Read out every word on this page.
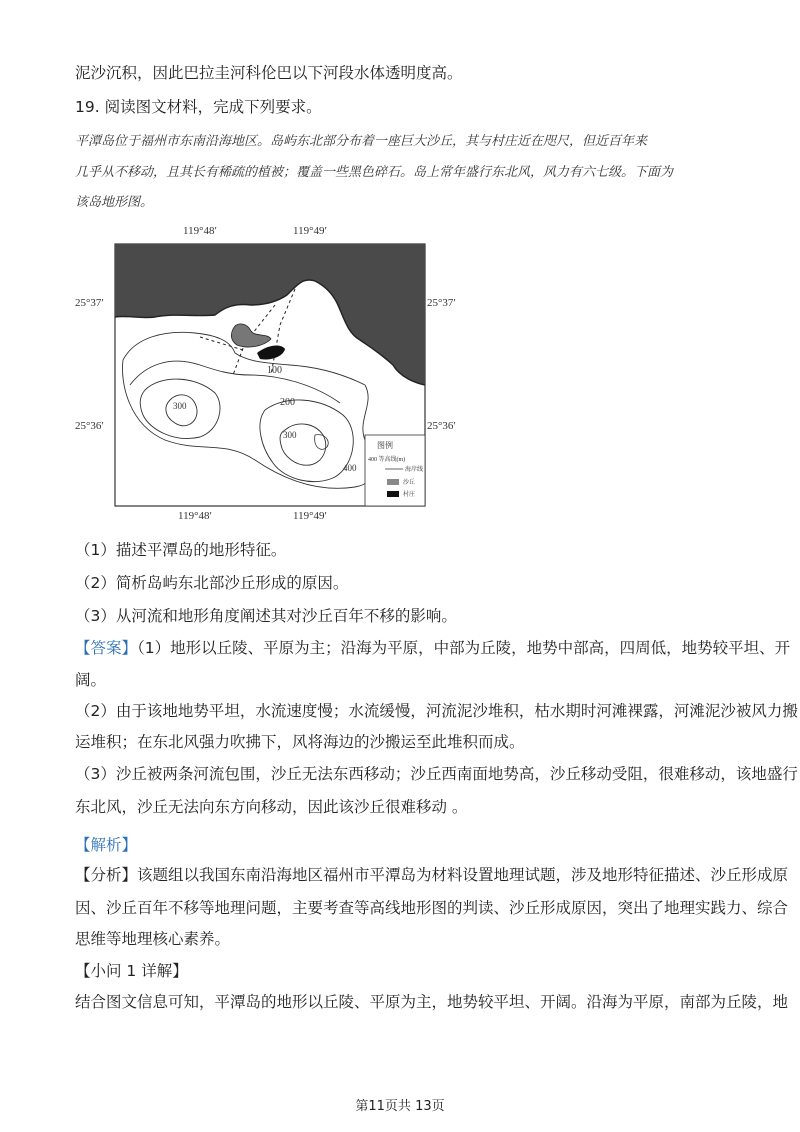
泥沙沉积，因此巴拉圭河科伦巴以下河段水体透明度高。
19. 阅读图文材料，完成下列要求。
平潭岛位于福州市东南沿海地区。岛屿东北部分布着一座巨大沙丘，其与村庄近在咫尺，但近百年来
几乎从不移动，且其长有稀疏的植被；覆盖一些黑色碎石。岛上常年盛行东北风，风力有六七级。下面为
该岛地形图。
119°48′	119°49′
25°37′	25°37′
25°36′	25°36′
119°48′	119°49′
100
200
300
300
400
图例
400 等高线(m)
海岸线
沙丘
村庄
（1）描述平潭岛的地形特征。
（2）简析岛屿东北部沙丘形成的原因。
（3）从河流和地形角度阐述其对沙丘百年不移的影响。
【答案】（1）地形以丘陵、平原为主；沿海为平原，中部为丘陵，地势中部高，四周低，地势较平坦、开
阔。
（2）由于该地地势平坦，水流速度慢；水流缓慢，河流泥沙堆积，枯水期时河滩裸露，河滩泥沙被风力搬
运堆积；在东北风强力吹拂下，风将海边的沙搬运至此堆积而成。
（3）沙丘被两条河流包围，沙丘无法东西移动；沙丘西南面地势高，沙丘移动受阻，很难移动，该地盛行
东北风，沙丘无法向东方向移动，因此该沙丘很难移动 。
【解析】
【分析】该题组以我国东南沿海地区福州市平潭岛为材料设置地理试题，涉及地形特征描述、沙丘形成原
因、沙丘百年不移等地理问题，主要考查等高线地形图的判读、沙丘形成原因，突出了地理实践力、综合
思维等地理核心素养。
【小问 1 详解】
结合图文信息可知，平潭岛的地形以丘陵、平原为主，地势较平坦、开阔。沿海为平原，南部为丘陵，地
第11页共 13页
